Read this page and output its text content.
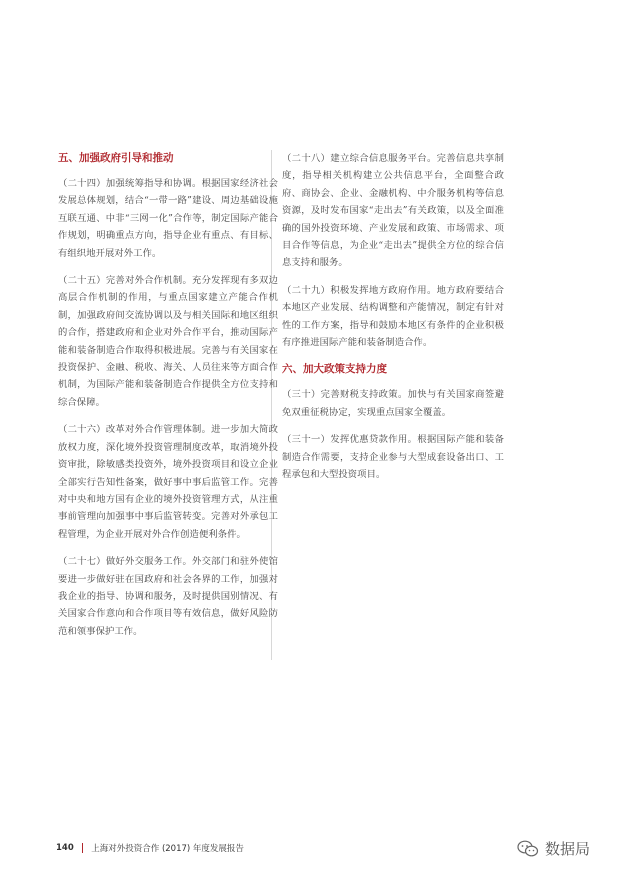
五、加强政府引导和推动

（二十四）加强统筹指导和协调。根据国家经济社会发展总体规划，结合“一带一路”建设、周边基础设施互联互通、中非“三网一化”合作等，制定国际产能合作规划，明确重点方向，指导企业有重点、有目标、有组织地开展对外工作。

（二十五）完善对外合作机制。充分发挥现有多双边高层合作机制的作用，与重点国家建立产能合作机制，加强政府间交流协调以及与相关国际和地区组织的合作，搭建政府和企业对外合作平台，推动国际产能和装备制造合作取得积极进展。完善与有关国家在投资保护、金融、税收、海关、人员往来等方面合作机制，为国际产能和装备制造合作提供全方位支持和综合保障。

（二十六）改革对外合作管理体制。进一步加大简政放权力度，深化境外投资管理制度改革，取消境外投资审批，除敏感类投资外，境外投资项目和设立企业全部实行告知性备案，做好事中事后监管工作。完善对中央和地方国有企业的境外投资管理方式，从注重事前管理向加强事中事后监管转变。完善对外承包工程管理，为企业开展对外合作创造便利条件。

（二十七）做好外交服务工作。外交部门和驻外使馆要进一步做好驻在国政府和社会各界的工作，加强对我企业的指导、协调和服务，及时提供国别情况、有关国家合作意向和合作项目等有效信息，做好风险防范和领事保护工作。

（二十八）建立综合信息服务平台。完善信息共享制度，指导相关机构建立公共信息平台，全面整合政府、商协会、企业、金融机构、中介服务机构等信息资源，及时发布国家“走出去”有关政策，以及全面准确的国外投资环境、产业发展和政策、市场需求、项目合作等信息，为企业“走出去”提供全方位的综合信息支持和服务。

（二十九）积极发挥地方政府作用。地方政府要结合本地区产业发展、结构调整和产能情况，制定有针对性的工作方案，指导和鼓励本地区有条件的企业积极有序推进国际产能和装备制造合作。

六、加大政策支持力度

（三十）完善财税支持政策。加快与有关国家商签避免双重征税协定，实现重点国家全覆盖。

（三十一）发挥优惠贷款作用。根据国际产能和装备制造合作需要，支持企业参与大型成套设备出口、工程承包和大型投资项目。

140 上海对外投资合作 (2017) 年度发展报告	数据局
